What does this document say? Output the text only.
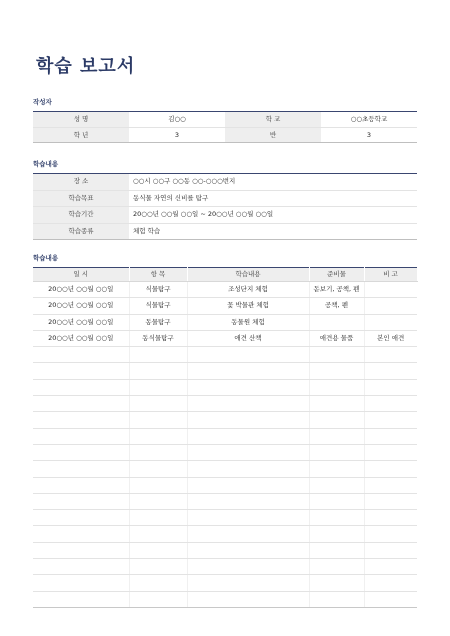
학습 보고서
작성자
성 명	김○○	학 교	○○초등학교
학 년	3	반	3
학습내용
장 소	○○시 ○○구 ○○동 ○○-○○○번지
학습목표	동식물 자연의 신비를 탐구
학습기간	20○○년 ○○월 ○○일 ~ 20○○년 ○○월 ○○일
학습종류	체험 학습
학습내용
일 시	항 목	학습내용	준비물	비 고
20○○년 ○○월 ○○일	식물탐구	조성단지 체험	돋보기, 공책, 펜	
20○○년 ○○월 ○○일	식물탐구	꽃 박물관 체험	공책, 펜	
20○○년 ○○월 ○○일	동물탐구	동물원 체험		
20○○년 ○○월 ○○일	동식물탐구	애견 산책	애견용 물품	본인 애견
